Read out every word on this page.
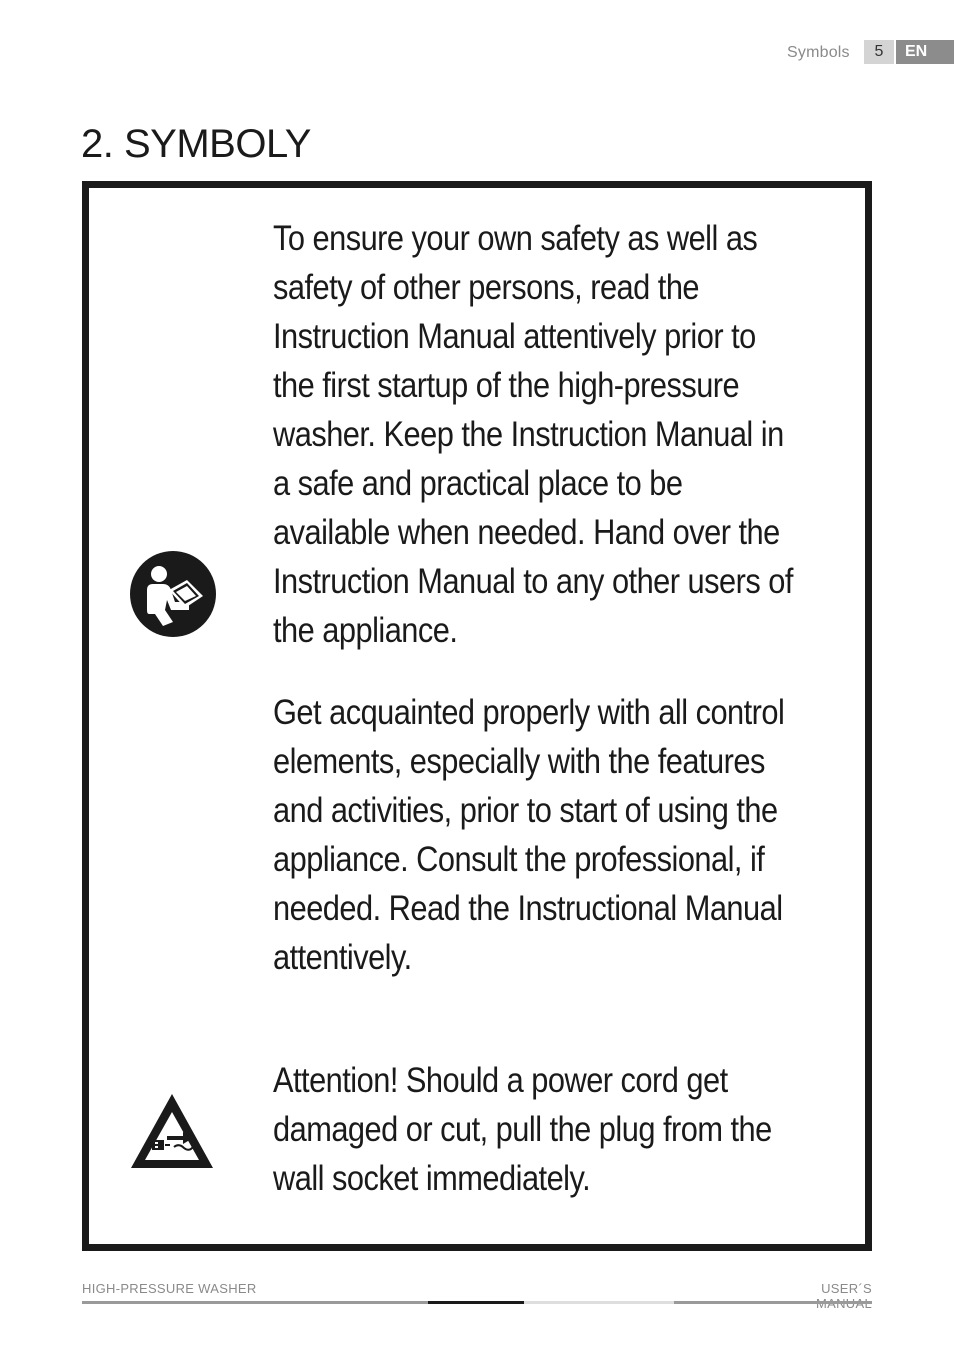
Symbols	5	EN
2. SYMBOLY

To ensure your own safety as well as safety of other persons, read the Instruction Manual attentively prior to the first startup of the high-pressure washer. Keep the Instruction Manual in a safe and practical place to be available when needed. Hand over the Instruction Manual to any other users of the appliance.

Get acquainted properly with all control elements, especially with the features and activities, prior to start of using the appliance. Consult the professional, if needed. Read the Instructional Manual attentively.

Attention! Should a power cord get damaged or cut, pull the plug from the wall socket immediately.

HIGH-PRESSURE WASHER	USER´S
